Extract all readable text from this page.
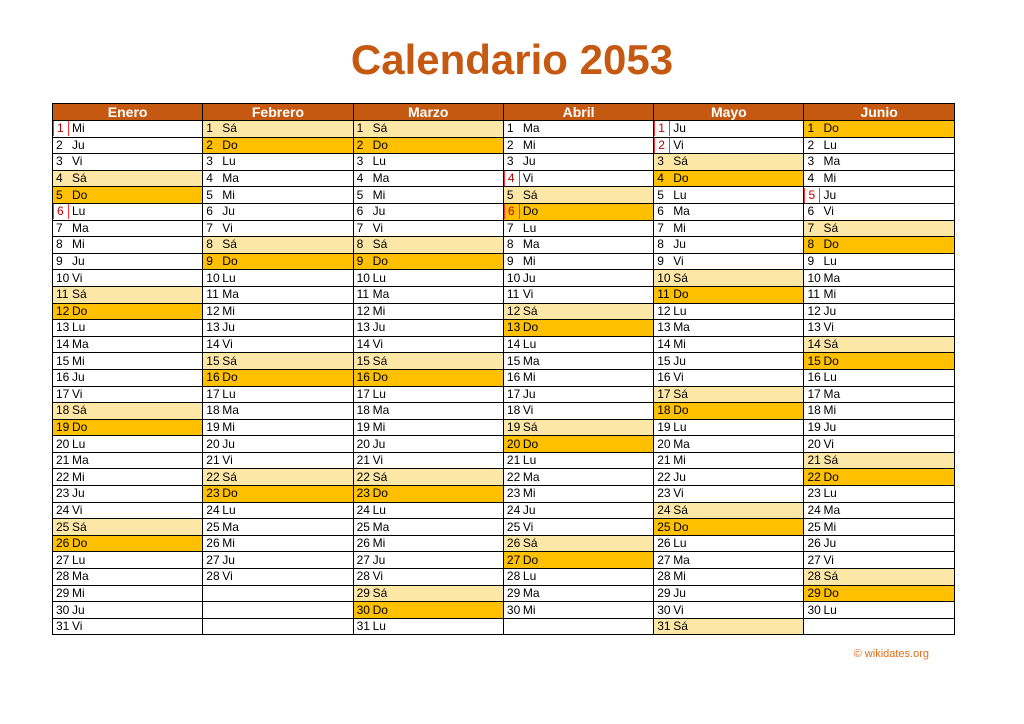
Calendario 2053
Enero	Febrero	Marzo	Abril	Mayo	Junio
1 Mi	1 Sá	1 Sá	1 Ma	1 Ju	1 Do
2 Ju	2 Do	2 Do	2 Mi	2 Vi	2 Lu
3 Vi	3 Lu	3 Lu	3 Ju	3 Sá	3 Ma
4 Sá	4 Ma	4 Ma	4 Vi	4 Do	4 Mi
5 Do	5 Mi	5 Mi	5 Sá	5 Lu	5 Ju
6 Lu	6 Ju	6 Ju	6 Do	6 Ma	6 Vi
7 Ma	7 Vi	7 Vi	7 Lu	7 Mi	7 Sá
8 Mi	8 Sá	8 Sá	8 Ma	8 Ju	8 Do
9 Ju	9 Do	9 Do	9 Mi	9 Vi	9 Lu
10 Vi	10 Lu	10 Lu	10 Ju	10 Sá	10 Ma
11 Sá	11 Ma	11 Ma	11 Vi	11 Do	11 Mi
12 Do	12 Mi	12 Mi	12 Sá	12 Lu	12 Ju
13 Lu	13 Ju	13 Ju	13 Do	13 Ma	13 Vi
14 Ma	14 Vi	14 Vi	14 Lu	14 Mi	14 Sá
15 Mi	15 Sá	15 Sá	15 Ma	15 Ju	15 Do
16 Ju	16 Do	16 Do	16 Mi	16 Vi	16 Lu
17 Vi	17 Lu	17 Lu	17 Ju	17 Sá	17 Ma
18 Sá	18 Ma	18 Ma	18 Vi	18 Do	18 Mi
19 Do	19 Mi	19 Mi	19 Sá	19 Lu	19 Ju
20 Lu	20 Ju	20 Ju	20 Do	20 Ma	20 Vi
21 Ma	21 Vi	21 Vi	21 Lu	21 Mi	21 Sá
22 Mi	22 Sá	22 Sá	22 Ma	22 Ju	22 Do
23 Ju	23 Do	23 Do	23 Mi	23 Vi	23 Lu
24 Vi	24 Lu	24 Lu	24 Ju	24 Sá	24 Ma
25 Sá	25 Ma	25 Ma	25 Vi	25 Do	25 Mi
26 Do	26 Mi	26 Mi	26 Sá	26 Lu	26 Ju
27 Lu	27 Ju	27 Ju	27 Do	27 Ma	27 Vi
28 Ma	28 Vi	28 Vi	28 Lu	28 Mi	28 Sá
29 Mi		29 Sá	29 Ma	29 Ju	29 Do
30 Ju		30 Do	30 Mi	30 Vi	30 Lu
31 Vi		31 Lu		31 Sá	
© wikidates.org
